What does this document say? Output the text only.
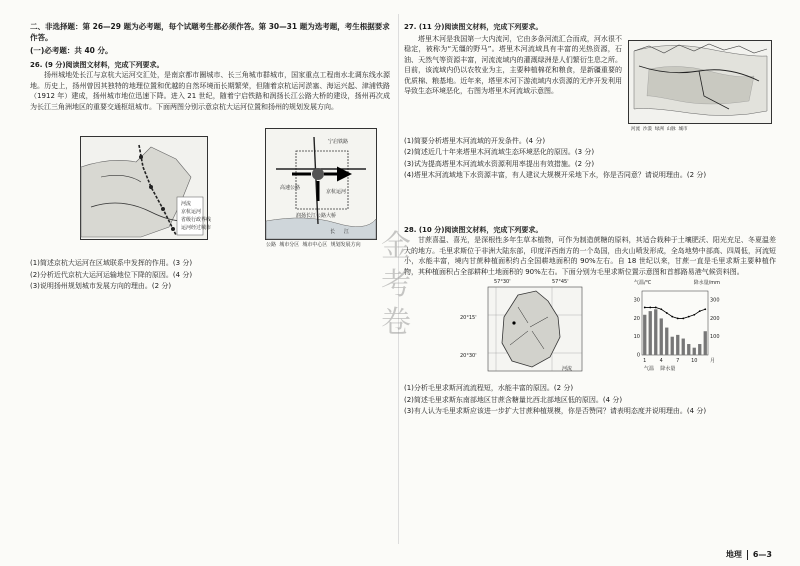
二、非选择题：第 26—29 题为必考题，每个试题考生都必须作答。第 30—31 题为选考题，考生根据要求

作答。

(一)必考题：共 40 分。

26. (9 分)阅读图文材料，完成下列要求。

扬州城地处长江与京杭大运河交汇处，是南京都市圈城市、长三角城市群城市，国家重点工程南水北调东线水源地。历史上，扬州曾因其独特的地理位置和优越的自然环境而长期繁荣，但随着京杭运河淤塞、海运兴起、津浦铁路（1912 年）建成，扬州城市地位迅速下降。进入 21 世纪，随着宁启铁路和润扬长江公路大桥的建设，扬州再次成为长江三角洲地区的重要交通枢纽城市。下面两图分别示意京杭大运河位置和扬州的规划发展方向。

河流
京杭运河
省级行政界线
运河经过城市
宁启铁路
京杭运河
高速公路
润扬长江公路大桥
长 江
公路 城市分区 城市中心区 规划发展方向

(1)简述京杭大运河在区域联系中发挥的作用。(3 分)

(2)分析近代京杭大运河运输地位下降的原因。(4 分)

(3)说明扬州规划城市发展方向的理由。(2 分)

27. (11 分)阅读图文材料，完成下列要求。

塔里木河是我国第一大内流河，它由多条河流汇合而成，河水很不稳定，被称为“无缰的野马”。塔里木河流域具有丰富的光热资源，石油、天然气等资源丰富，河流流域内的灌溉绿洲是人们繁衍生息之所。目前，该流域内仍以农牧业为主，主要种植棉花和粮食，是新疆重要的优质棉、粮基地。近年来，塔里木河下游流域内水资源的无序开发利用导致生态环境恶化，右图为塔里木河流域示意图。

河流 沙漠 绿洲 山脉 城市

(1)简要分析塔里木河流域的开发条件。(4 分)

(2)简述近几十年来塔里木河流域生态环境恶化的原因。(3 分)

(3)试为提高塔里木河流域水资源利用率提出有效措施。(2 分)

(4)塔里木河流域地下水资源丰富，有人建议大规模开采地下水，你是否同意？请说明理由。(2 分)

28. (10 分)阅读图文材料，完成下列要求。

甘蔗喜温、喜光，是深根性多年生草本植物，可作为制造蔗糖的原料，其适合栽种于土壤肥沃、阳光充足、冬夏温差大的地方。毛里求斯位于非洲大陆东部，印度洋西南方的一个岛国，由火山喷发形成，全岛地势中部高、四周低，河流短小，水能丰富，境内甘蔗种植面积约占全国耕地面积的 90%左右。自 18 世纪以来，甘蔗一直是毛里求斯主要种植作物，其种植面积占全部耕种土地面积的 90%左右。下面分别为毛里求斯位置示意图和首都路易港气候资料图。

57°30'	57°45'
20°15'
20°30'
河流
气温/℃	降水量/mm
0
10
20
30
100
200
300
1	4	7 10	月
气温 降水量

(1)分析毛里求斯河流流程短，水能丰富的原因。(2 分)

(2)简述毛里求斯东南部地区甘蔗含糖量比西北部地区低的原因。(4 分)

(3)有人认为毛里求斯应该进一步扩大甘蔗种植规模，你是否赞同？请表明态度并说明理由。(4 分)

金
考
卷
地理 6—3
